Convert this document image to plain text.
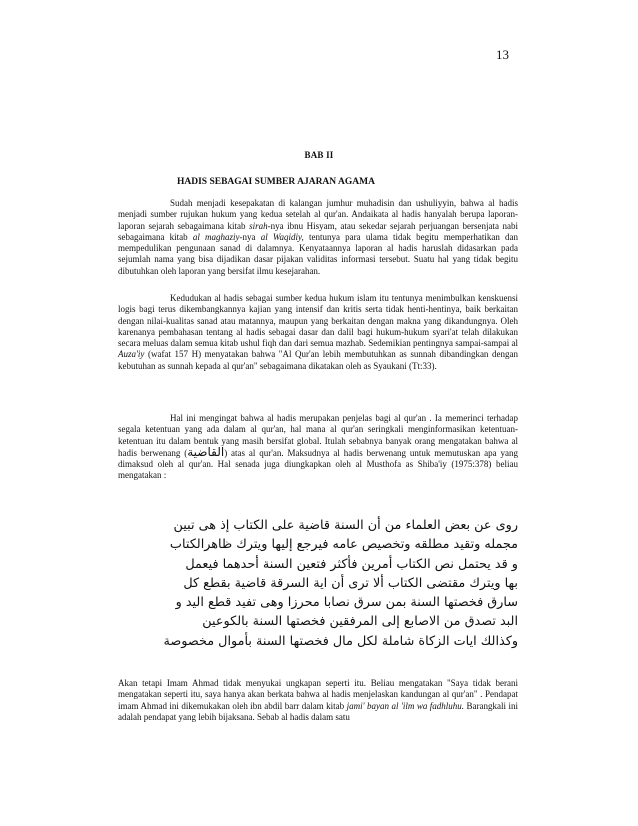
13
BAB II
HADIS SEBAGAI SUMBER AJARAN AGAMA

Sudah menjadi kesepakatan di kalangan jumhur muhadisin dan ushuliyyin, bahwa al hadis menjadi sumber rujukan hukum yang kedua setelah al qur'an. Andaikata al hadis hanyalah berupa laporan-laporan sejarah sebagaimana kitab sirah-nya ibnu Hisyam, atau sekedar sejarah perjuangan bersenjata nabi sebagaimana kitab al maghaziy-nya al Waqidiy, tentunya para ulama tidak begitu memperhatikan dan mempedulikan pengunaan sanad di dalamnya. Kenyataannya laporan al hadis haruslah didasarkan pada sejumlah nama yang bisa dijadikan dasar pijakan validitas informasi tersebut. Suatu hal yang tidak begitu dibutuhkan oleh laporan yang bersifat ilmu kesejarahan.

Kedudukan al hadis sebagai sumber kedua hukum islam itu tentunya menimbulkan kenskuensi logis bagi terus dikembangkannya kajian yang intensif dan kritis serta tidak henti-hentinya, baik berkaitan dengan nilai-kualitas sanad atau matannya, maupun yang berkaitan dengan makna yang dikandungnya. Oleh karenanya pembahasan tentang al hadis sebagai dasar dan dalil bagi hukum-hukum syari'at telah dilakukan secara meluas dalam semua kitab ushul fiqh dan dari semua mazhab. Sedemikian pentingnya sampai-sampai al Auza'iy (wafat 157 H) menyatakan bahwa "Al Qur'an lebih membutuhkan as sunnah dibandingkan dengan kebutuhan as sunnah kepada al qur'an" sebagaimana dikatakan oleh as Syaukani (Tt:33).

Hal ini mengingat bahwa al hadis merupakan penjelas bagi al qur'an . Ia memerinci terhadap segala ketentuan yang ada dalam al qur'an, hal mana al qur'an seringkali menginformasikan ketentuan-ketentuan itu dalam bentuk yang masih bersifat global. Itulah sebabnya banyak orang mengatakan bahwa al hadis berwenang (القاضية) atas al qur'an. Maksudnya al hadis berwenang untuk memutuskan apa yang dimaksud oleh al qur'an. Hal senada juga diungkapkan oleh al Musthofa as Shiba'iy (1975:378) beliau mengatakan :

روى عن بعض العلماء من أن السنة قاضية على الكتاب إذ هى تبين
مجمله وتقيد مطلقه وتخصيص عامه فيرجع إليها ويترك ظاهرالكتاب
و قد يحتمل نص الكتاب أمرين فأكثر فتعين السنة أحدهما فيعمل
بها ويترك مقتضى الكتاب ألا ترى أن اية السرقة قاضية بقطع كل
سارق فخصتها السنة بمن سرق نصابا محرزا وهى تفيد قطع اليد و
البد تصدق من الاصابع إلى المرفقين فخصتها السنة بالكوعين
وكذالك ايات الزكاة شاملة لكل مال فخصتها السنة بأموال مخصوصة

Akan tetapi Imam Ahmad tidak menyukai ungkapan seperti itu. Beliau mengatakan "Saya tidak berani mengatakan seperti itu, saya hanya akan berkata bahwa al hadis menjelaskan kandungan al qur'an" . Pendapat imam Ahmad ini dikemukakan oleh ibn abdil barr dalam kitab jami' bayan al 'ilm wa fadhluhu. Barangkali ini adalah pendapat yang lebih bijaksana. Sebab al hadis dalam satu
